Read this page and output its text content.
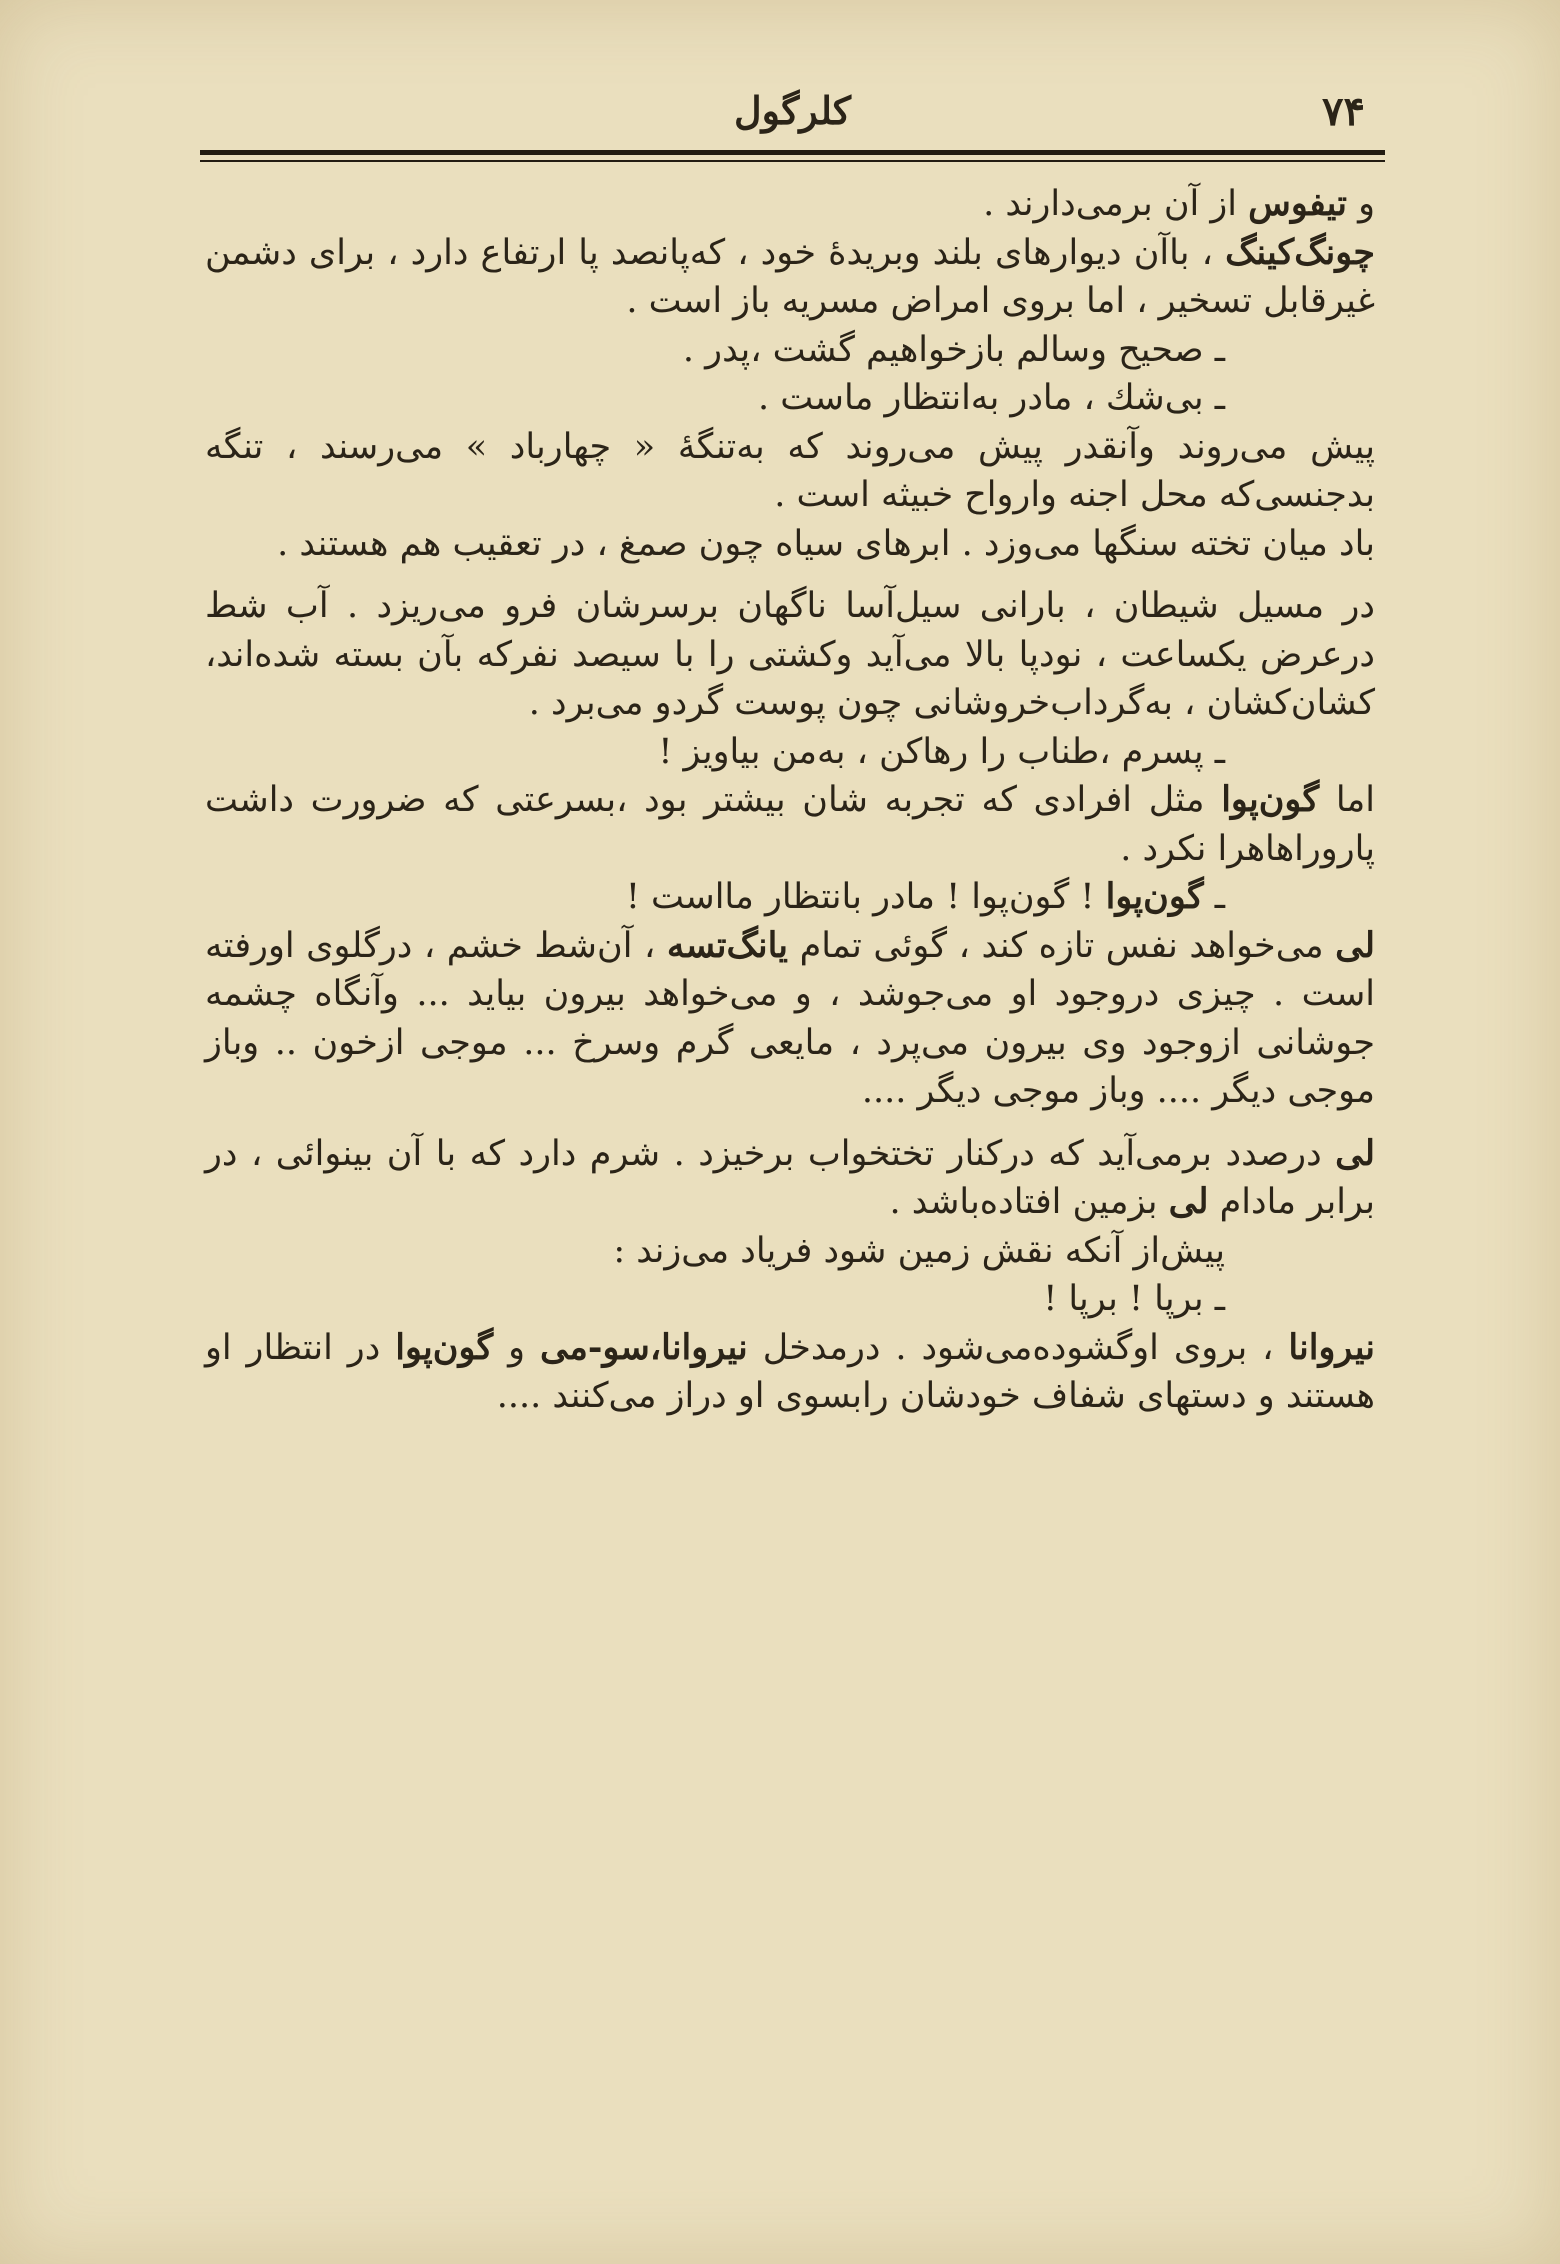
۷۴
کلرگول

و تیفوس از آن برمی‌دارند .

چونگ‌کینگ ، باآن دیوارهای بلند وبریدهٔ خود ، که‌پانصد پا ارتفاع دارد ، برای دشمن غیرقابل تسخیر ، اما بروی امراض مسریه باز است .

ـ صحیح وسالم بازخواهیم گشت ،پدر .

ـ بی‌شك ، مادر به‌انتظار ماست .

پیش می‌روند وآنقدر پیش می‌روند که به‌تنگهٔ « چهارباد » می‌رسند ، تنگه بدجنسی‌که محل اجنه وارواح خبیثه است .

باد میان تخته سنگها می‌وزد . ابرهای سیاه چون صمغ ، در تعقیب هم هستند .

در مسیل شیطان ، بارانی سیل‌آسا ناگهان برسرشان فرو می‌ریزد . آب شط درعرض یکساعت ، نودپا بالا می‌آید وکشتی را با سیصد نفرکه بآن بسته شده‌اند، کشان‌کشان ، به‌گرداب‌خروشانی چون پوست گردو می‌برد .

ـ پسرم ،طناب را رهاکن ، به‌من بیاویز !

اما گون‌پوا مثل افرادی که تجربه شان بیشتر بود ،بسرعتی که ضرورت داشت پاروراهاهرا نکرد .

ـ گون‌پوا ! گون‌پوا ! مادر بانتظار مااست !

لی می‌خواهد نفس تازه کند ، گوئی تمام یانگ‌تسه ، آن‌شط خشم ، درگلوی اورفته است . چیزی دروجود او می‌جوشد ، و می‌خواهد بیرون بیاید ... وآنگاه چشمه جوشانی ازوجود وی بیرون می‌پرد ، مایعی گرم وسرخ ... موجی ازخون .. وباز موجی دیگر .... وباز موجی دیگر ....

لی درصدد برمی‌آید که درکنار تختخواب برخیزد . شرم دارد که با آن بینوائی ، در برابر مادام لی بزمین افتاده‌باشد .

پیش‌از آنکه نقش زمین شود فریاد می‌زند :

ـ برپا ! برپا !

نیروانا ، بروی اوگشوده‌می‌شود . درمدخل نیروانا،سو-می و گون‌پوا در انتظار او هستند و دستهای شفاف خودشان رابسوی او دراز می‌کنند ....
